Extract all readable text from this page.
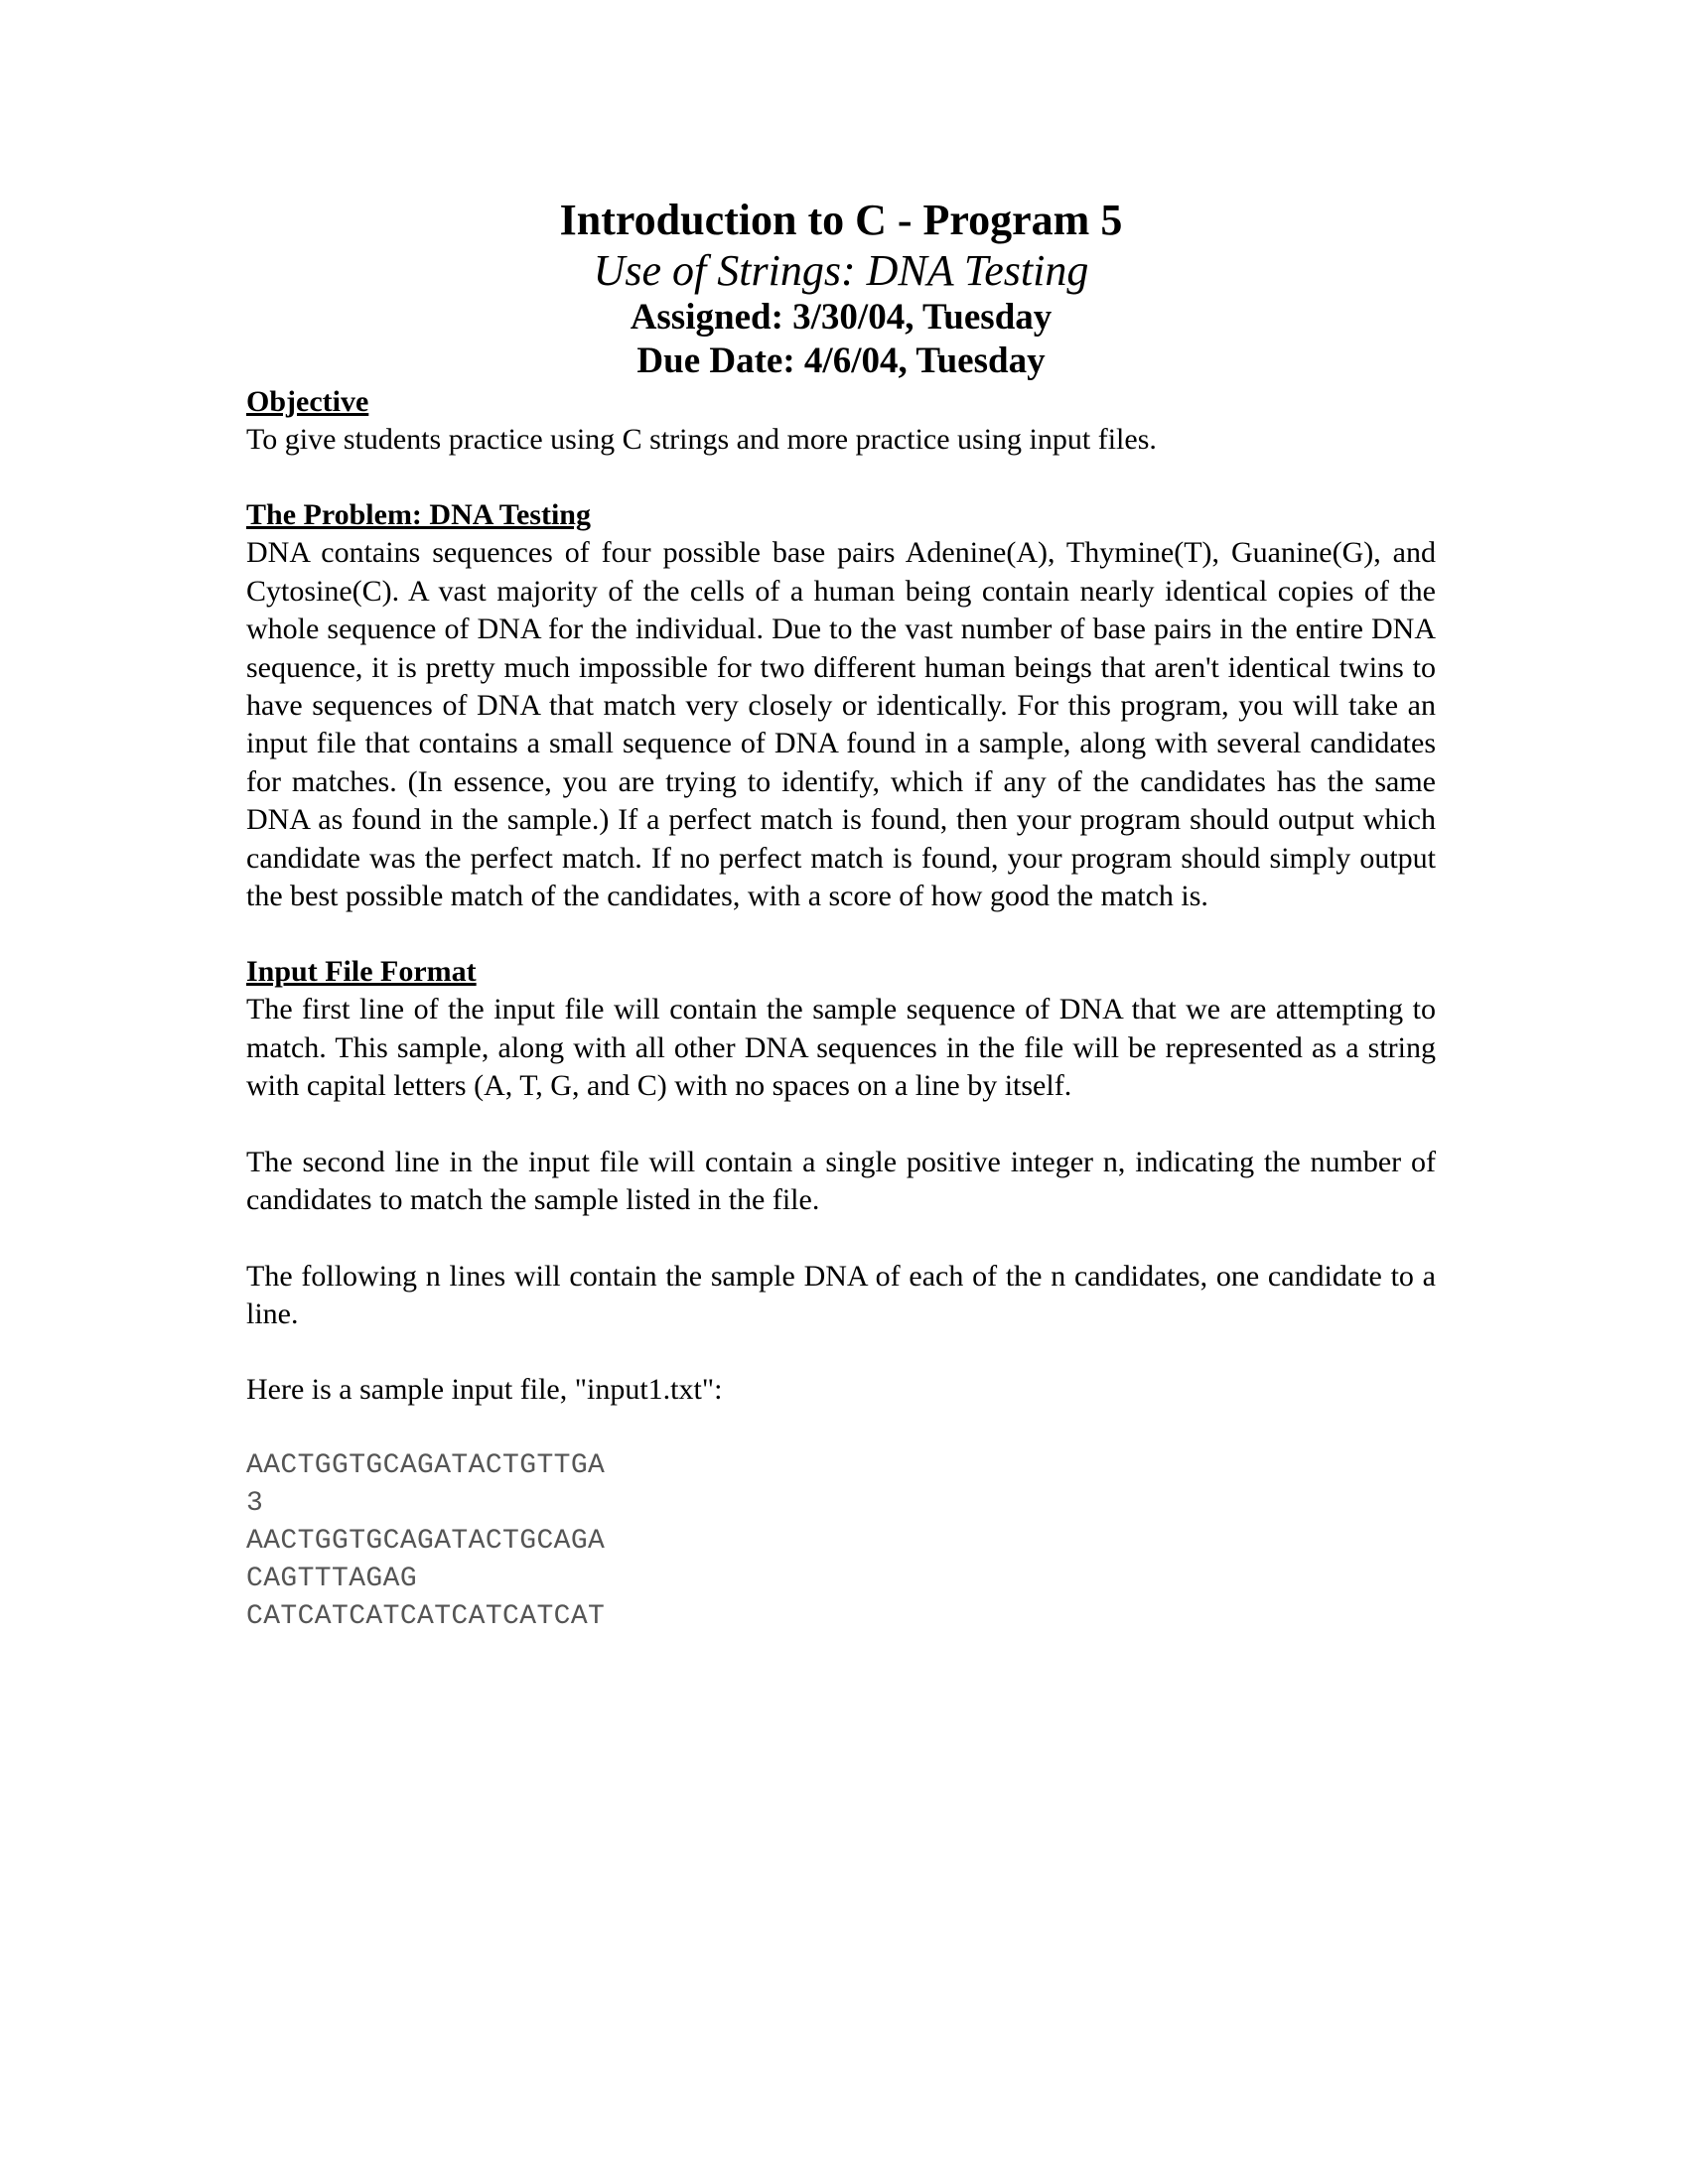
Introduction to C - Program 5

Use of Strings: DNA Testing

Assigned: 3/30/04, Tuesday

Due Date: 4/6/04, Tuesday

Objective

To give students practice using C strings and more practice using input files.

The Problem: DNA Testing

DNA contains sequences of four possible base pairs Adenine(A), Thymine(T), Guanine(G), and Cytosine(C). A vast majority of the cells of a human being contain nearly identical copies of the whole sequence of DNA for the individual. Due to the vast number of base pairs in the entire DNA sequence, it is pretty much impossible for two different human beings that aren't identical twins to have sequences of DNA that match very closely or identically. For this program, you will take an input file that contains a small sequence of DNA found in a sample, along with several candidates for matches. (In essence, you are trying to identify, which if any of the candidates has the same DNA as found in the sample.) If a perfect match is found, then your program should output which candidate was the perfect match. If no perfect match is found, your program should simply output the best possible match of the candidates, with a score of how good the match is.

Input File Format

The first line of the input file will contain the sample sequence of DNA that we are attempting to match. This sample, along with all other DNA sequences in the file will be represented as a string with capital letters (A, T, G, and C) with no spaces on a line by itself.

The second line in the input file will contain a single positive integer n, indicating the number of candidates to match the sample listed in the file.

The following n lines will contain the sample DNA of each of the n candidates, one candidate to a line.

Here is a sample input file, "input1.txt":

AACTGGTGCAGATACTGTTGA
3
AACTGGTGCAGATACTGCAGA
CAGTTTAGAG
CATCATCATCATCATCATCAT
